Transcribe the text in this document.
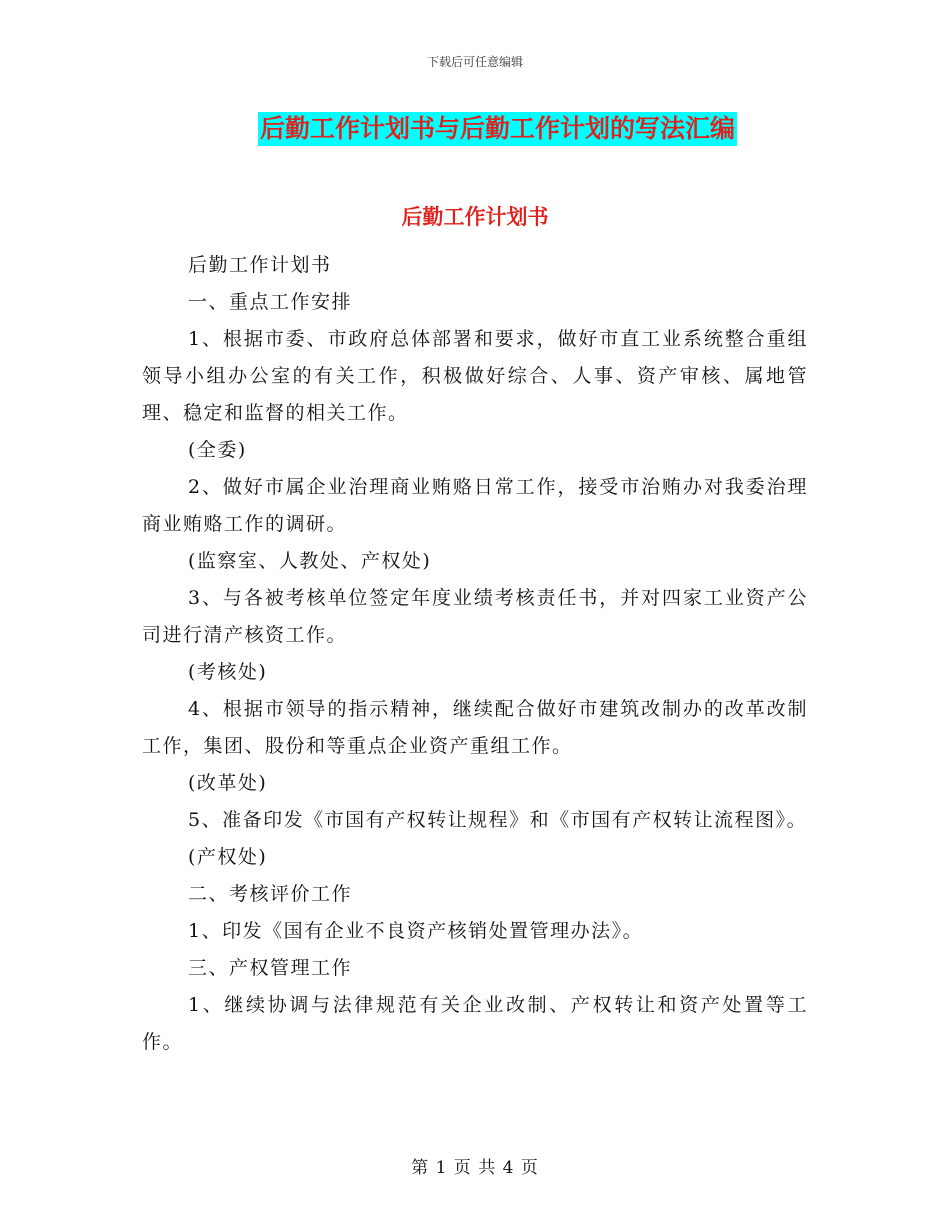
下载后可任意编辑
后勤工作计划书与后勤工作计划的写法汇编
后勤工作计划书

后勤工作计划书

一、重点工作安排

1、根据市委、市政府总体部署和要求，做好市直工业系统整合重组领导小组办公室的有关工作，积极做好综合、人事、资产审核、属地管理、稳定和监督的相关工作。

(全委)

2、做好市属企业治理商业贿赂日常工作，接受市治贿办对我委治理商业贿赂工作的调研。

(监察室、人教处、产权处)

3、与各被考核单位签定年度业绩考核责任书，并对四家工业资产公司进行清产核资工作。

(考核处)

4、根据市领导的指示精神，继续配合做好市建筑改制办的改革改制工作，集团、股份和等重点企业资产重组工作。

(改革处)

5、准备印发《市国有产权转让规程》和《市国有产权转让流程图》。

(产权处)

二、考核评价工作

1、印发《国有企业不良资产核销处置管理办法》。

三、产权管理工作

1、继续协调与法律规范有关企业改制、产权转让和资产处置等工作。

第 1 页 共 4 页
